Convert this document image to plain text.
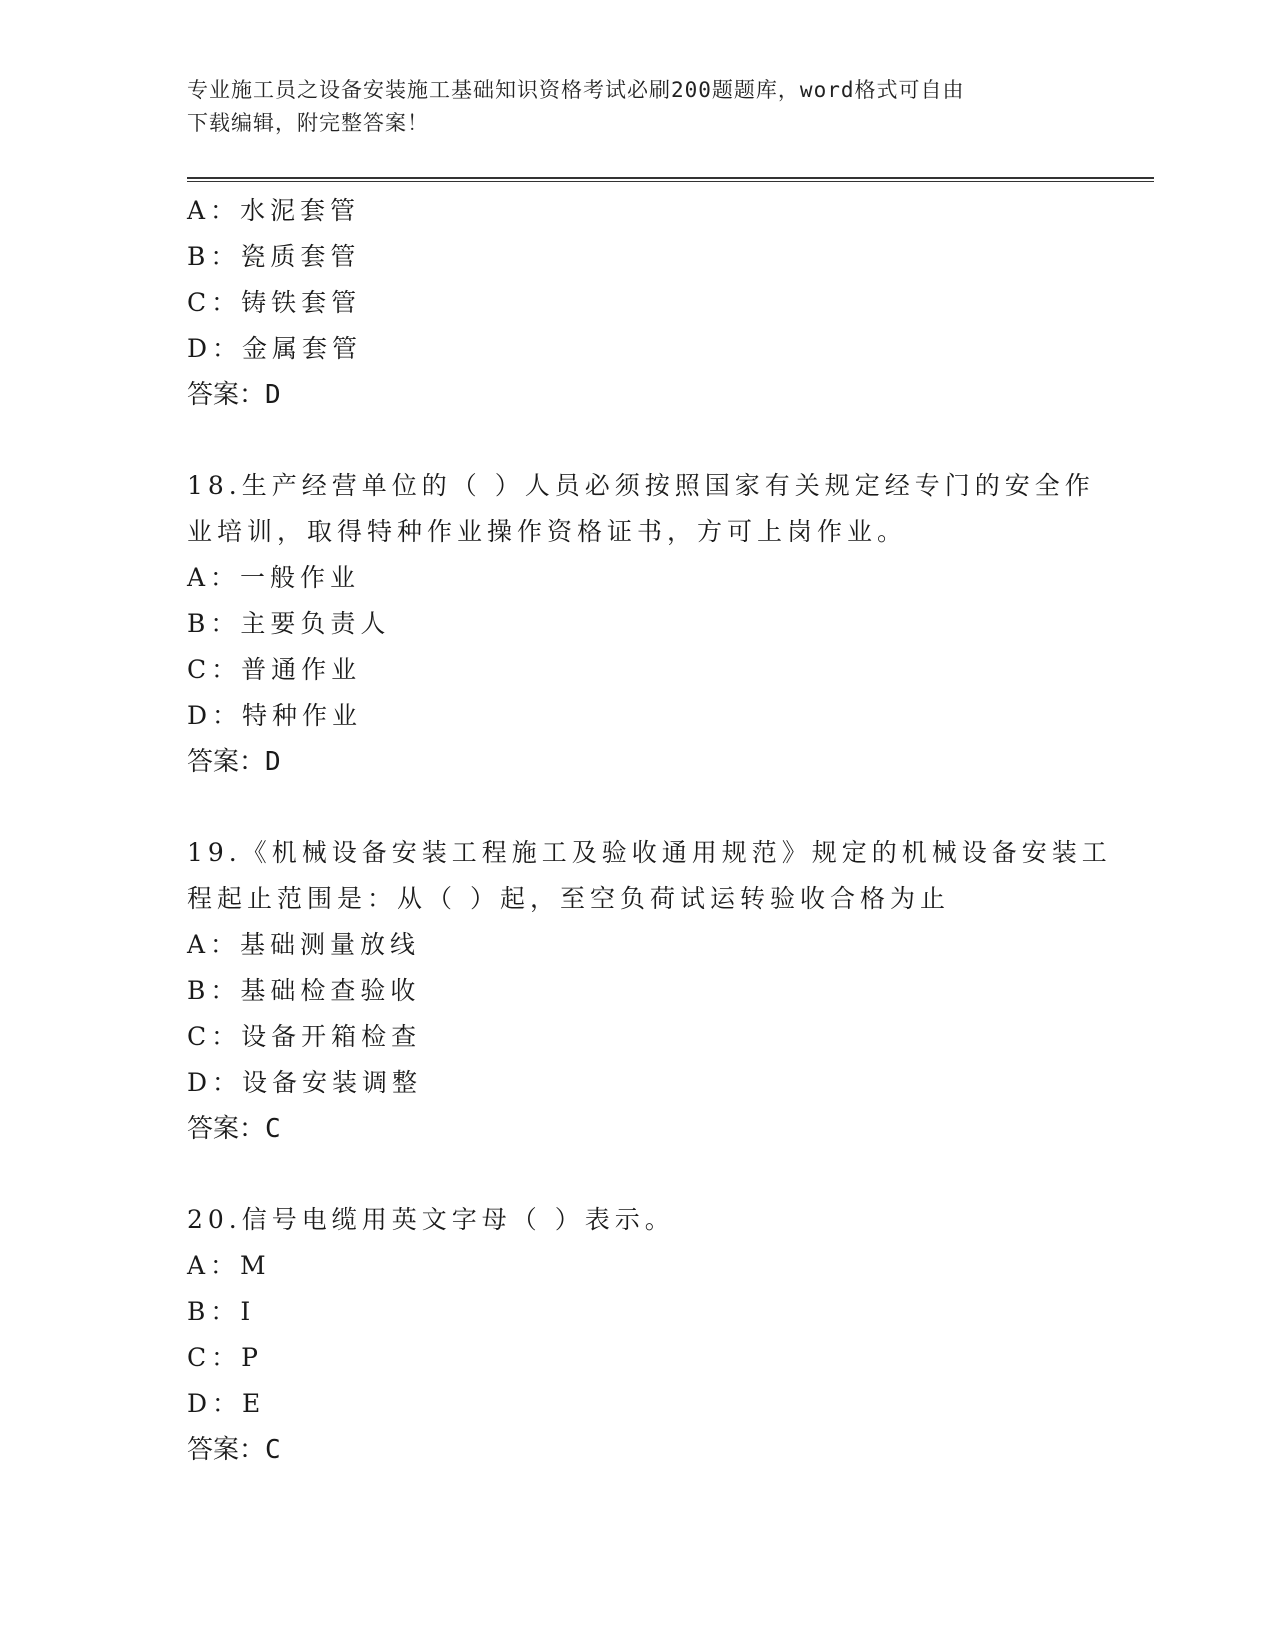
专业施工员之设备安装施工基础知识资格考试必刷200题题库，word格式可自由
下载编辑，附完整答案！
A：水泥套管
B：瓷质套管
C：铸铁套管
D：金属套管
答案：D
18.生产经营单位的（ ）人员必须按照国家有关规定经专门的安全作
业培训，取得特种作业操作资格证书，方可上岗作业。
A：一般作业
B：主要负责人
C：普通作业
D：特种作业
答案：D
19.《机械设备安装工程施工及验收通用规范》规定的机械设备安装工
程起止范围是：从（ ）起，至空负荷试运转验收合格为止
A：基础测量放线
B：基础检查验收
C：设备开箱检查
D：设备安装调整
答案：C
20.信号电缆用英文字母（ ）表示。
A：M
B：I
C：P
D：E
答案：C
